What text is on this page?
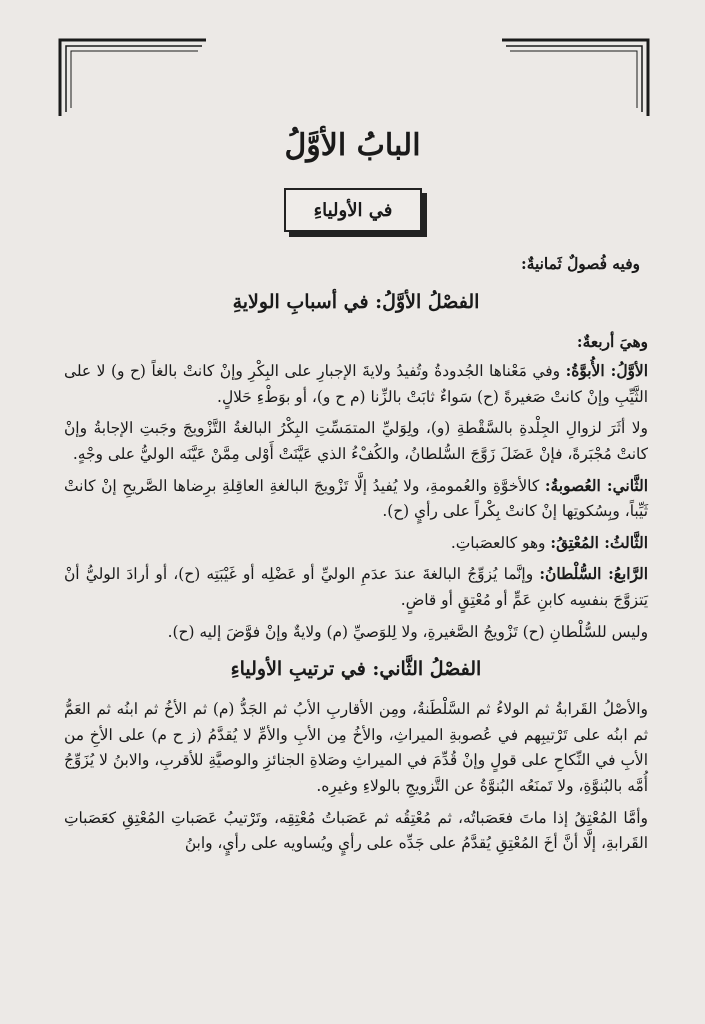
البابُ الأوَّلُ
في الأولياءِ

وفيه فُصولٌ ثَمانيةٌ:

الفصْلُ الأوَّلُ: في أسبابِ الولايةِ

وهيَ أربعةٌ:

الأوَّلُ: الأُبوَّةُ: وفي مَعْناها الجُدودةُ وتُفيدُ ولايةَ الإجبارِ على البِكْرِ وإنْ كانتْ بالغاً (ح و) لا على الثَّيِّبِ وإنْ كانتْ صَغيرةً (ح) سَواءٌ ثابَتْ بالزِّنا (م ح و)، أو بوَطْءِ حَلالٍ.

ولا أثَرَ لزوالِ الجِلْدةِ بالسَّقْطةِ (و)، ولِوَليِّ المتمَسِّتِ البِكْرُ البالغةُ التَّزْويجَ وجَبتِ الإجابةُ وإنْ كانتْ مُجْبَرةً، فإنْ عَضَلَ زَوَّجَ السُّلطانُ، والكُفْءُ الذي عَيَّنَتْ أَوْلى مِمَّنْ عَيَّنَه الوليُّ على وجْهٍ.

الثَّاني: العُصوبةُ: كالأخوَّةِ والعُمومةِ، ولا يُفيدُ إلَّا تَزْويجَ البالغةِ العاقِلةِ برِضاها الصَّريحِ إنْ كانتْ ثَيِّباً، وبِسُكوتِها إنْ كانتْ بِكْراً على رأيٍ (ح).

الثَّالثُ: المُعْتِقُ: وهو كالعصَباتِ.

الرَّابعُ: السُّلْطانُ: وإنَّما يُزوِّجُ البالغةَ عندَ عدَمِ الوليِّ أو عَضْلِه أو غَيْبَتِه (ح)، أو أرادَ الوليُّ أنْ يَتزوَّجَ بنفسِه كابنِ عَمٍّ أو مُعْتِقٍ أو قاضٍ.

وليس للسُّلْطانِ (ح) تَزْويجُ الصَّغيرةِ، ولا لِلوَصيِّ (م) ولايةٌ وإنْ فوَّضَ إليه (ح).

الفصْلُ الثَّاني: في ترتيبِ الأولياءِ

والأصْلُ القَرابةُ ثم الولاءُ ثم السَّلْطَنةُ، ومِن الأقاربِ الأبُ ثم الجَدُّ (م) ثم الأخُ ثم ابنُه ثم العَمُّ ثم ابنُه على تَرْتيبِهم في عُصوبةِ الميراثِ، والأخُ مِن الأبِ والأمِّ لا يُقدَّمُ (ز ح م) على الأخِ من الأبِ في النِّكاحِ على قولٍ وإنْ قُدِّمَ في الميراثِ وصَلاةِ الجنائزِ والوصيَّةِ للأقربِ، والابنُ لا يُزَوِّجُ أُمَّه بالبُنوَّةِ، ولا تَمنَعُه البُنوَّةُ عن التَّزويجِ بالولاءِ وغيرِه.

وأمَّا المُعْتِقُ إذا ماتَ فعَصَباتُه، ثم مُعْتِقُه ثم عَصَباتُ مُعْتِقِه، وتَرْتيبُ عَصَباتِ المُعْتِقِ كعَصَباتِ القَرابةِ، إلَّا أنَّ أخَ المُعْتِقِ يُقدَّمُ على جَدِّه على رأيٍ ويُساويه على رأيٍ، وابنُ
